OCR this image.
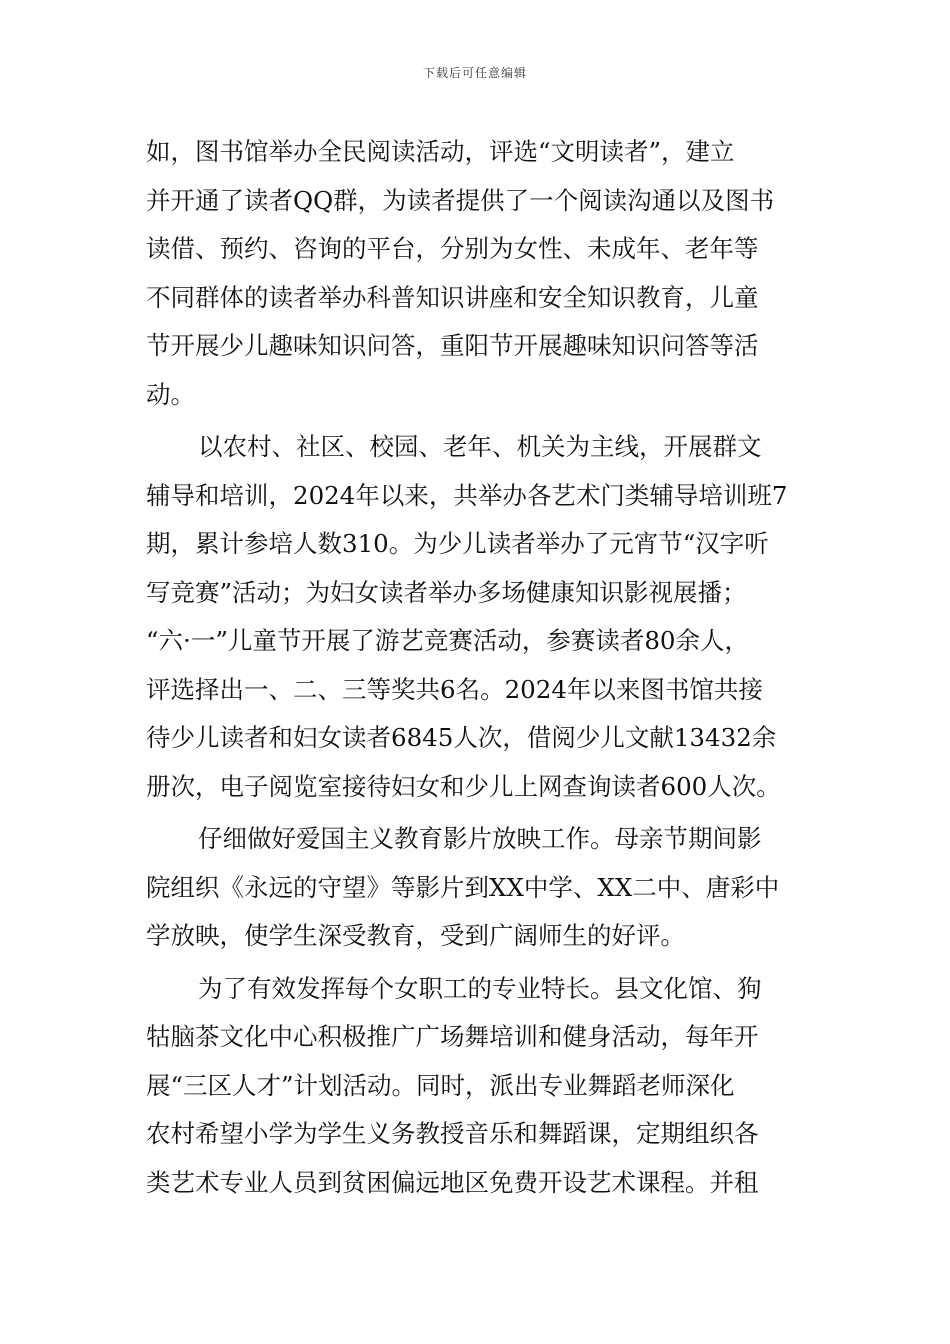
下载后可任意编辑
如，图书馆举办全民阅读活动，评选“文明读者”，建立
并开通了读者QQ群，为读者提供了一个阅读沟通以及图书
读借、预约、咨询的平台，分别为女性、未成年、老年等
不同群体的读者举办科普知识讲座和安全知识教育，儿童
节开展少儿趣味知识问答，重阳节开展趣味知识问答等活
动。
以农村、社区、校园、老年、机关为主线，开展群文
辅导和培训，2024年以来，共举办各艺术门类辅导培训班7
期，累计参培人数310。为少儿读者举办了元宵节“汉字听
写竞赛”活动；为妇女读者举办多场健康知识影视展播；
“六·一”儿童节开展了游艺竞赛活动，参赛读者80余人，
评选择出一、二、三等奖共6名。2024年以来图书馆共接
待少儿读者和妇女读者6845人次，借阅少儿文献13432余
册次，电子阅览室接待妇女和少儿上网查询读者600人次。
仔细做好爱国主义教育影片放映工作。母亲节期间影
院组织《永远的守望》等影片到XX中学、XX二中、唐彩中
学放映，使学生深受教育，受到广阔师生的好评。
为了有效发挥每个女职工的专业特长。县文化馆、狗
牯脑茶文化中心积极推广广场舞培训和健身活动，每年开
展“三区人才”计划活动。同时，派出专业舞蹈老师深化
农村希望小学为学生义务教授音乐和舞蹈课，定期组织各
类艺术专业人员到贫困偏远地区免费开设艺术课程。并租
